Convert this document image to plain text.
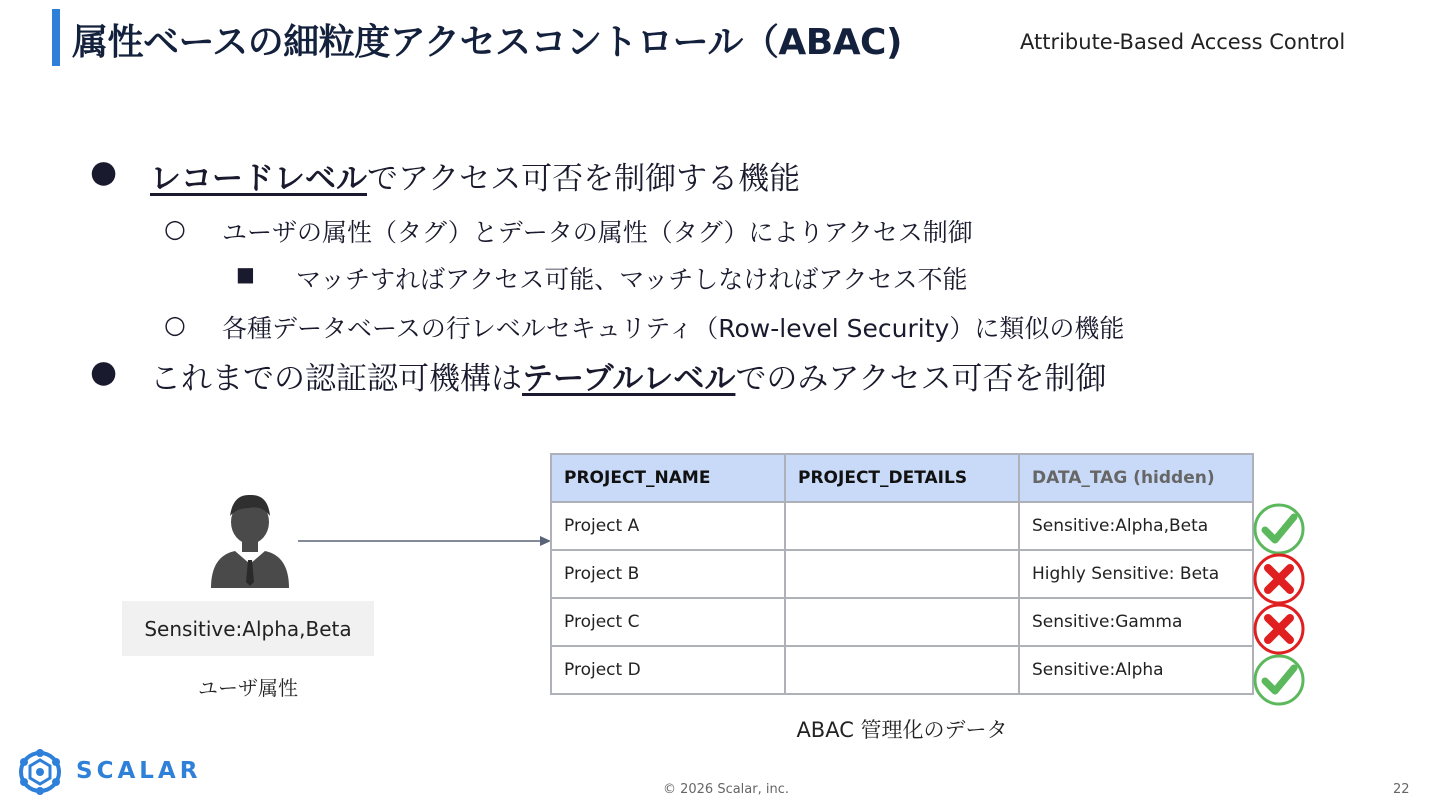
属性ベースの細粒度アクセスコントロール（ABAC)	Attribute-Based Access Control
● レコードレベルでアクセス可否を制御する機能
○ ユーザの属性（タグ）とデータの属性（タグ）によりアクセス制御
■ マッチすればアクセス可能、マッチしなければアクセス不能
○ 各種データベースの行レベルセキュリティ（Row-level Security）に類似の機能
● これまでの認証認可機構はテーブルレベルでのみアクセス可否を制御
Sensitive:Alpha,Beta
ユーザ属性
PROJECT_NAME	PROJECT_DETAILS	DATA_TAG (hidden)
Project A		Sensitive:Alpha,Beta
Project B		Highly Sensitive: Beta
Project C		Sensitive:Gamma
Project D		Sensitive:Alpha
ABAC 管理化のデータ
SCALAR
© 2026 Scalar, inc.	22
